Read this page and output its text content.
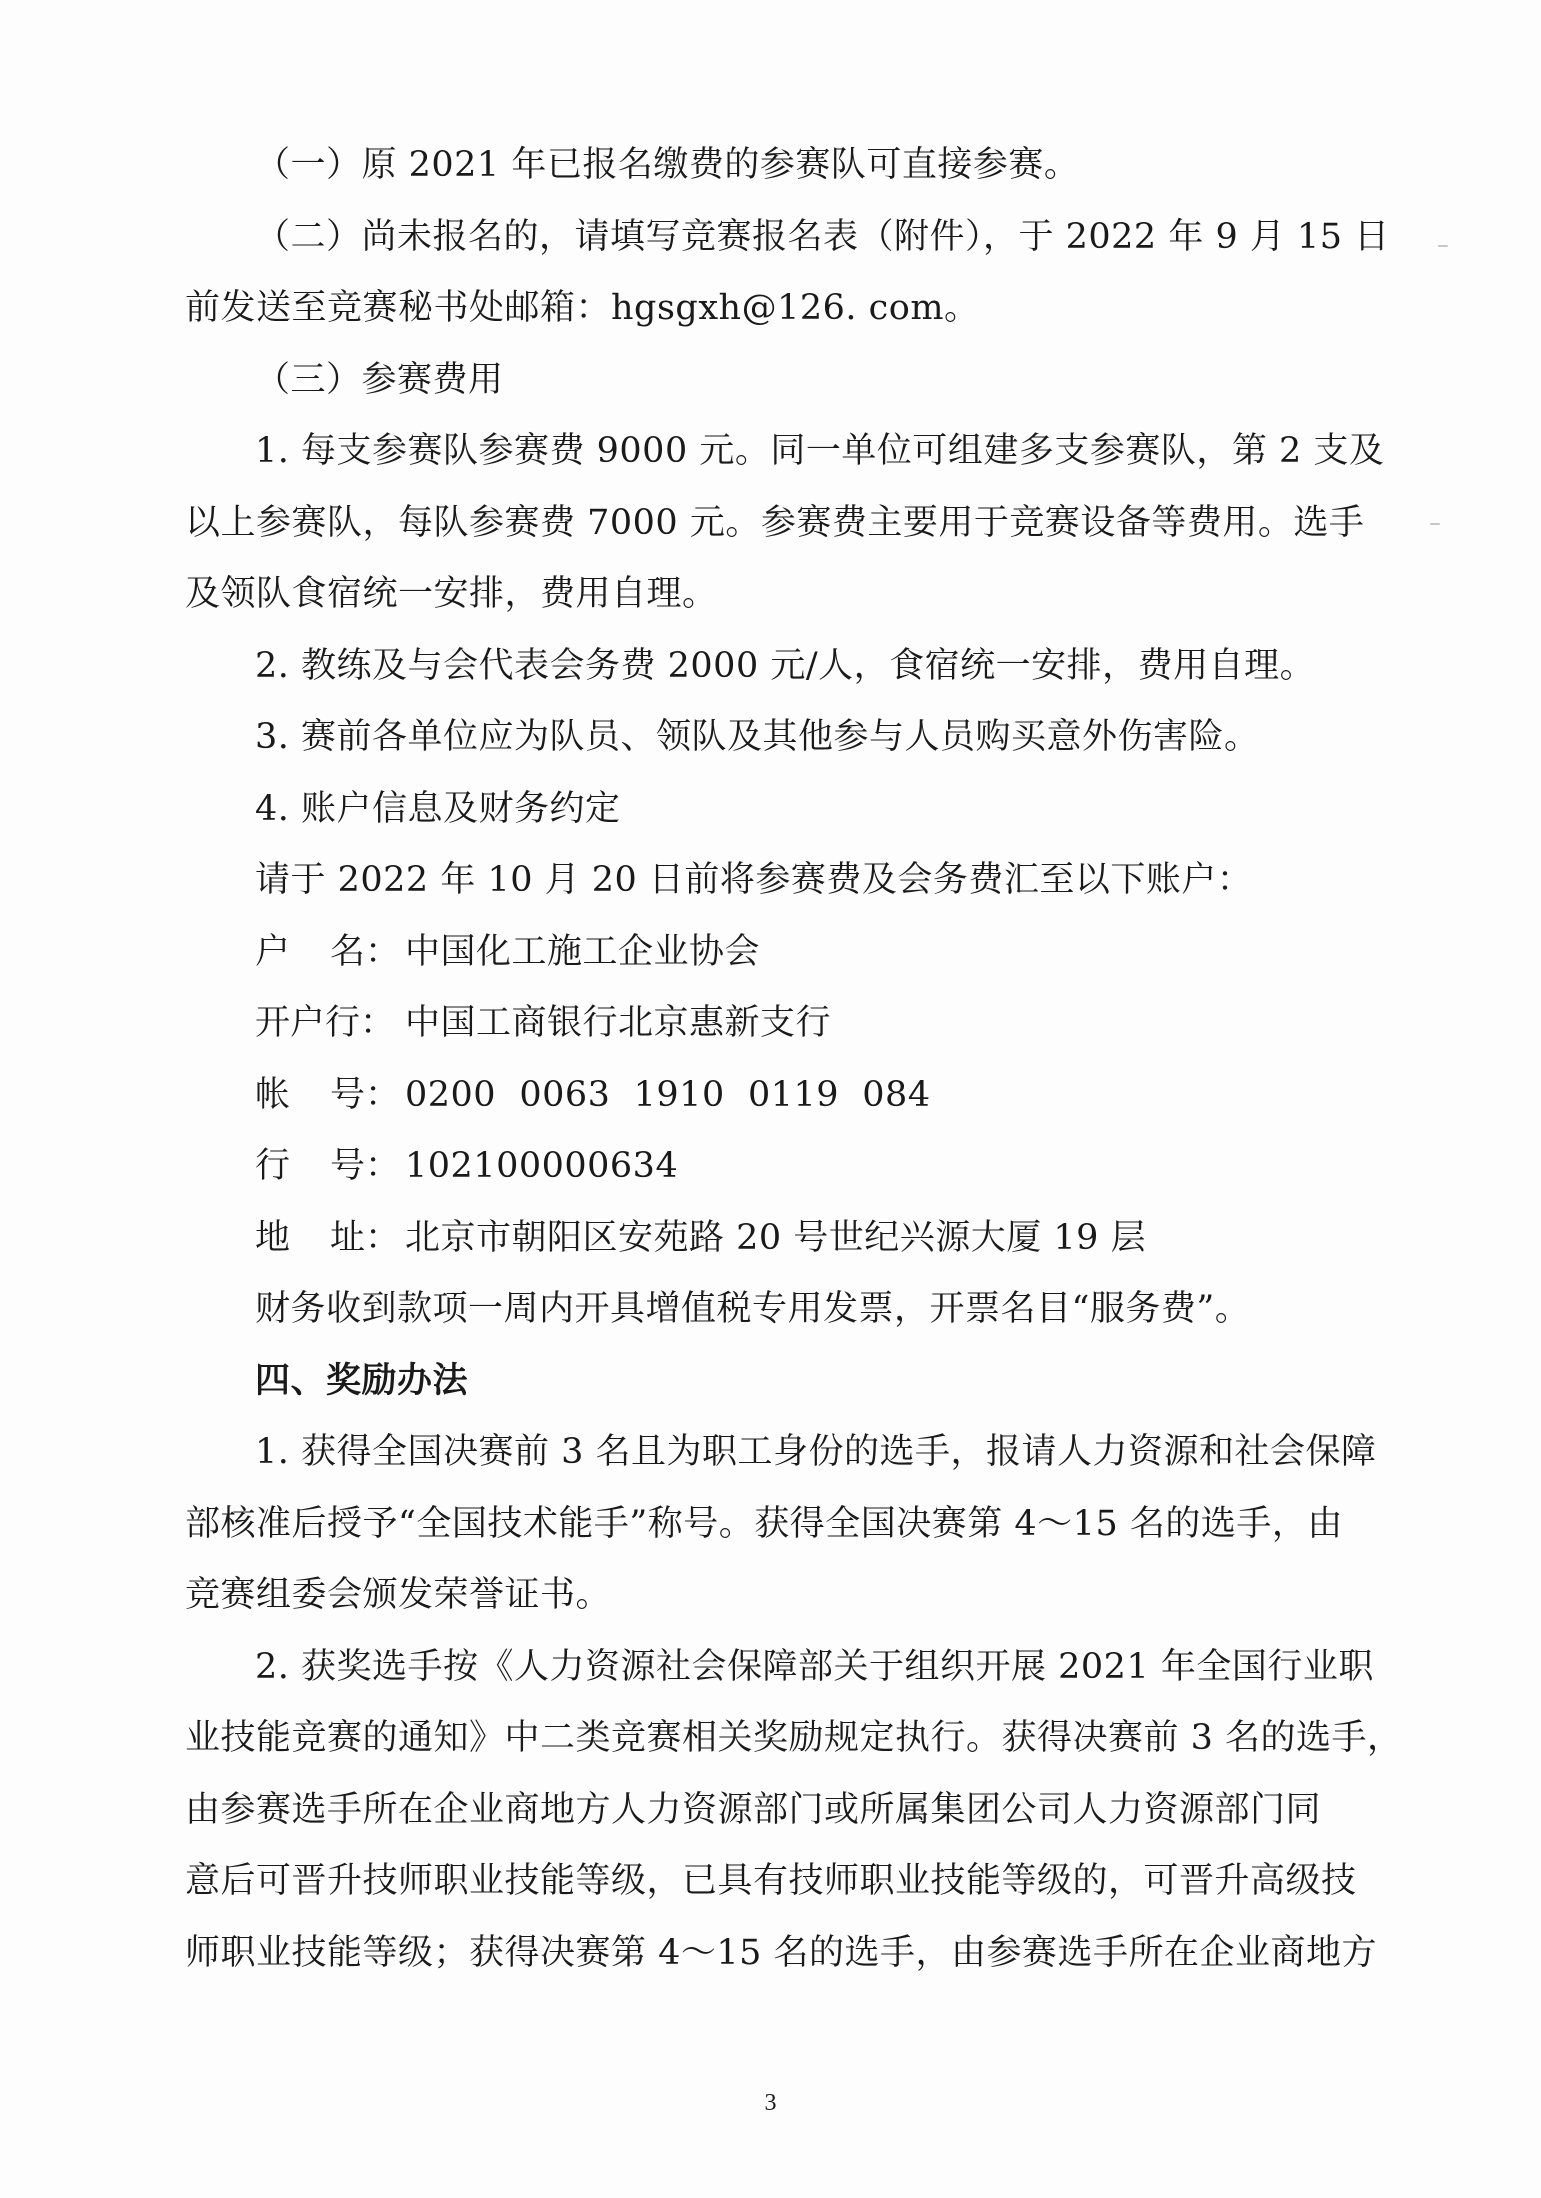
（一）原 2021 年已报名缴费的参赛队可直接参赛。
（二）尚未报名的，请填写竞赛报名表（附件），于 2022 年 9 月 15 日
前发送至竞赛秘书处邮箱：hgsgxh@126. com。
（三）参赛费用
1. 每支参赛队参赛费 9000 元。同一单位可组建多支参赛队，第 2 支及
以上参赛队，每队参赛费 7000 元。参赛费主要用于竞赛设备等费用。选手
及领队食宿统一安排，费用自理。
2. 教练及与会代表会务费 2000 元/人，食宿统一安排，费用自理。
3. 赛前各单位应为队员、领队及其他参与人员购买意外伤害险。
4. 账户信息及财务约定
请于 2022 年 10 月 20 日前将参赛费及会务费汇至以下账户：
户 名： 中国化工施工企业协会
开户行： 中国工商银行北京惠新支行
帐 号： 0200  0063  1910  0119  084
行 号： 102100000634
地 址： 北京市朝阳区安苑路 20 号世纪兴源大厦 19 层
财务收到款项一周内开具增值税专用发票，开票名目“服务费”。
四、奖励办法
1. 获得全国决赛前 3 名且为职工身份的选手，报请人力资源和社会保障
部核准后授予“全国技术能手”称号。获得全国决赛第 4～15 名的选手，由
竞赛组委会颁发荣誉证书。
2. 获奖选手按《人力资源社会保障部关于组织开展 2021 年全国行业职
业技能竞赛的通知》中二类竞赛相关奖励规定执行。获得决赛前 3 名的选手，
由参赛选手所在企业商地方人力资源部门或所属集团公司人力资源部门同
意后可晋升技师职业技能等级，已具有技师职业技能等级的，可晋升高级技
师职业技能等级；获得决赛第 4～15 名的选手，由参赛选手所在企业商地方
3
